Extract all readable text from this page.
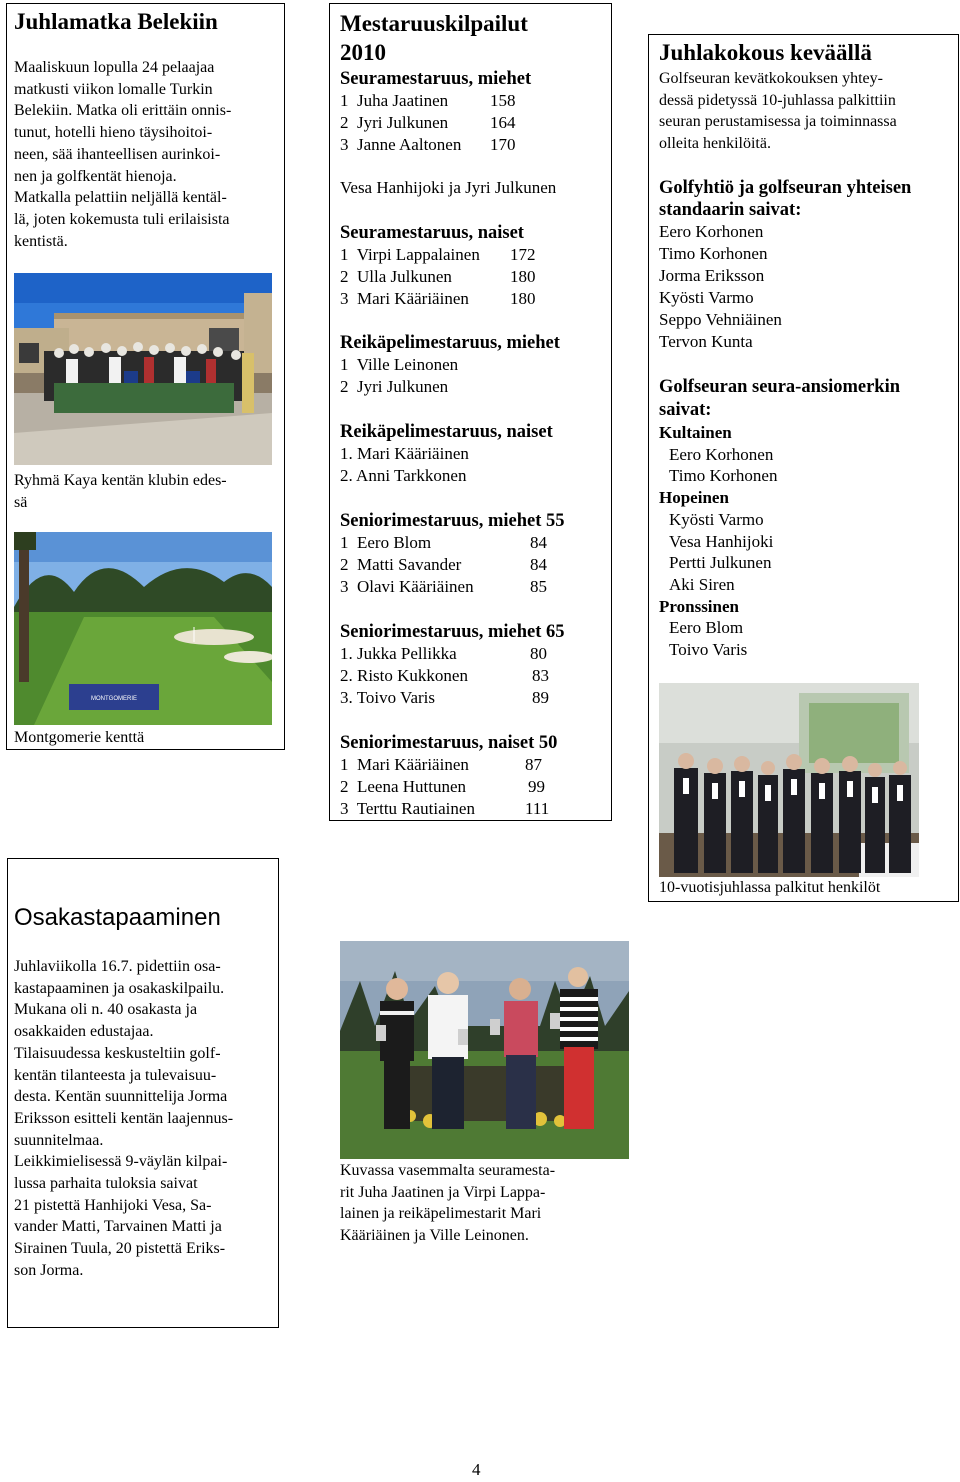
Juhlamatka Belekiin
Maaliskuun lopulla 24 pelaajaa
matkusti viikon lomalle Turkin
Belekiin. Matka oli erittäin onnis-
tunut, hotelli hieno täysihoitoi-
neen, sää ihanteellisen aurinkoi-
nen ja golfkentät hienoja.
Matkalla pelattiin neljällä kentäl-
lä, joten kokemusta tuli erilaisista
kentistä.
Ryhmä Kaya kentän klubin edes-
sä
MONTGOMERIE
Montgomerie kenttä
Mestaruuskilpailut
2010
Seuramestaruus, miehet
1  Juha Jaatinen	158
2  Jyri Julkunen	164
3  Janne Aaltonen	170
Vesa Hanhijoki ja Jyri Julkunen
Seuramestaruus, naiset
1  Virpi Lappalainen	172
2  Ulla Julkunen	180
3  Mari Kääriäinen	180
Reikäpelimestaruus, miehet
1  Ville Leinonen
2  Jyri Julkunen
Reikäpelimestaruus, naiset
1. Mari Kääriäinen
2. Anni Tarkkonen
Seniorimestaruus, miehet 55
1  Eero Blom	84
2  Matti Savander	84
3  Olavi Kääriäinen	85
Seniorimestaruus, miehet 65
1. Jukka Pellikka	80
2. Risto Kukkonen	83
3. Toivo Varis	89
Seniorimestaruus, naiset 50
1  Mari Kääriäinen	87
2  Leena Huttunen	99
3  Terttu Rautiainen	111
Juhlakokous keväällä
Golfseuran kevätkokouksen yhtey-
dessä pidetyssä 10-juhlassa palkittiin
seuran perustamisessa ja toiminnassa
olleita henkilöitä.
Golfyhtiö ja golfseuran yhteisen
standaarin saivat:
Eero Korhonen
Timo Korhonen
Jorma Eriksson
Kyösti Varmo
Seppo Vehniäinen
Tervon Kunta
Golfseuran seura-ansiomerkin
saivat:
Kultainen
Eero Korhonen
Timo Korhonen
Hopeinen
Kyösti Varmo
Vesa Hanhijoki
Pertti Julkunen
Aki Siren
Pronssinen
Eero Blom
Toivo Varis
10-vuotisjuhlassa palkitut henkilöt
Osakastapaaminen
Juhlaviikolla 16.7. pidettiin osa-
kastapaaminen ja osakaskilpailu.
Mukana oli n. 40 osakasta ja
osakkaiden edustajaa.
Tilaisuudessa keskusteltiin golf-
kentän tilanteesta ja tulevaisuu-
desta. Kentän suunnittelija Jorma
Eriksson esitteli kentän laajennus-
suunnitelmaa.
Leikkimielisessä 9-väylän kilpai-
lussa parhaita tuloksia saivat
21 pistettä Hanhijoki Vesa, Sa-
vander Matti, Tarvainen Matti ja
Sirainen Tuula, 20 pistettä Eriks-
son Jorma.
Kuvassa vasemmalta seuramesta-
rit Juha Jaatinen ja Virpi Lappa-
lainen ja reikäpelimestarit Mari
Kääriäinen ja Ville Leinonen.
4
